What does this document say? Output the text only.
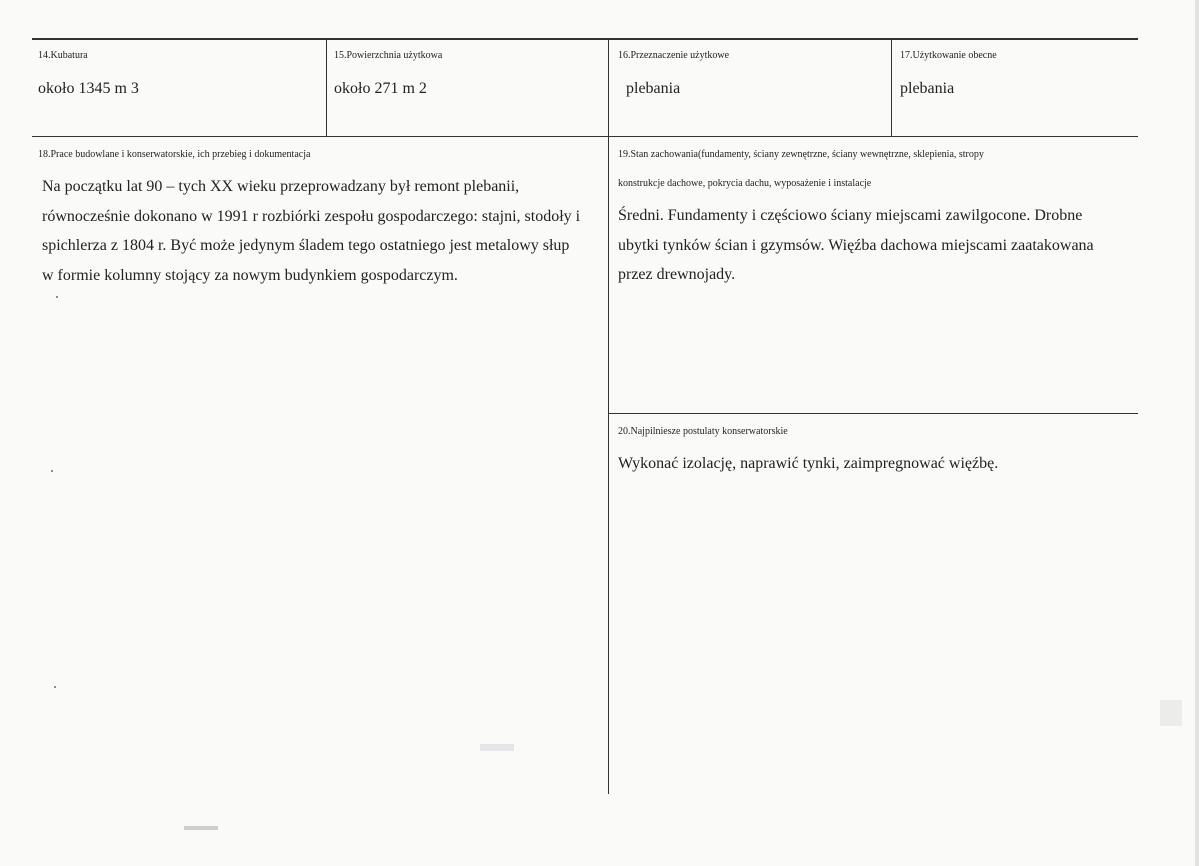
14.Kubatura
około 1345 m 3
15.Powierzchnia użytkowa
około 271 m 2
16.Przeznaczenie użytkowe
plebania
17.Użytkowanie obecne
plebania
18.Prace budowlane i konserwatorskie, ich przebieg i dokumentacja

Na początku lat 90 – tych XX wieku przeprowadzany był remont plebanii,

równocześnie dokonano w 1991 r rozbiórki zespołu gospodarczego: stajni, stodoły i

spichlerza z 1804 r. Być może jedynym śladem tego ostatniego jest metalowy słup

w formie kolumny stojący za nowym budynkiem gospodarczym.

19.Stan zachowania(fundamenty, ściany zewnętrzne, ściany wewnętrzne, sklepienia, stropy
konstrukcje dachowe, pokrycia dachu, wyposażenie i instalacje

Średni. Fundamenty i częściowo ściany miejscami zawilgocone. Drobne

ubytki tynków ścian i gzymsów. Więźba dachowa miejscami zaatakowana

przez drewnojady.

20.Najpilniesze postulaty konserwatorskie
Wykonać izolację, naprawić tynki, zaimpregnować więźbę.
